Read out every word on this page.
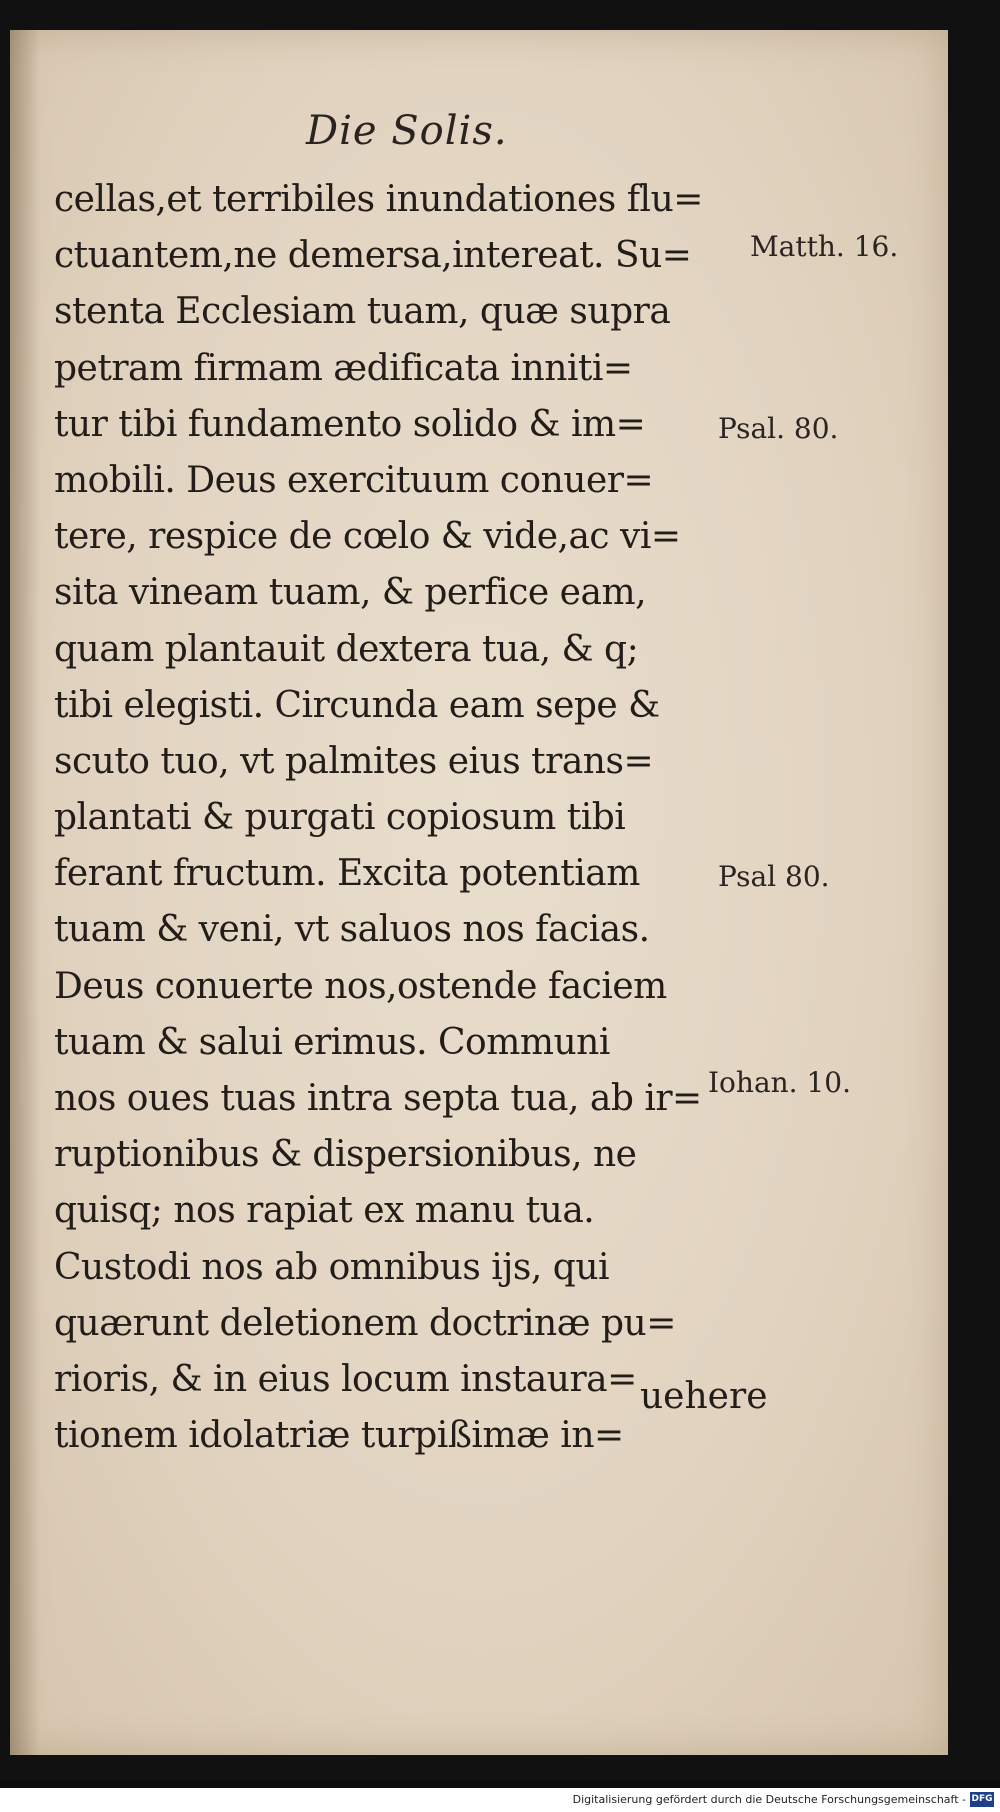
Die Solis.
cellas,et terribiles inundationes flu=
ctuantem,ne demersa,intereat. Su=
stenta Ecclesiam tuam, quæ supra
petram firmam ædificata inniti=
tur tibi fundamento solido & im=
mobili. Deus exercituum conuer=
tere, respice de cœlo & vide,ac vi=
sita vineam tuam, & perfice eam,
quam plantauit dextera tua, & q;
tibi elegisti. Circunda eam sepe &
scuto tuo, vt palmites eius trans=
plantati & purgati copiosum tibi
ferant fructum. Excita potentiam
tuam & veni, vt saluos nos facias.
Deus conuerte nos,ostende faciem
tuam & salui erimus. Communi
nos oues tuas intra septa tua, ab ir=
ruptionibus & dispersionibus, ne
quisq; nos rapiat ex manu tua.
Custodi nos ab omnibus ijs, qui
quærunt deletionem doctrinæ pu=
rioris, & in eius locum instaura=
tionem idolatriæ turpißimæ in=
uehere
Matth. 16.
Psal. 80.
Psal 80.
Iohan. 10.
Digitalisierung gefördert durch die Deutsche Forschungsgemeinschaft - DFG
